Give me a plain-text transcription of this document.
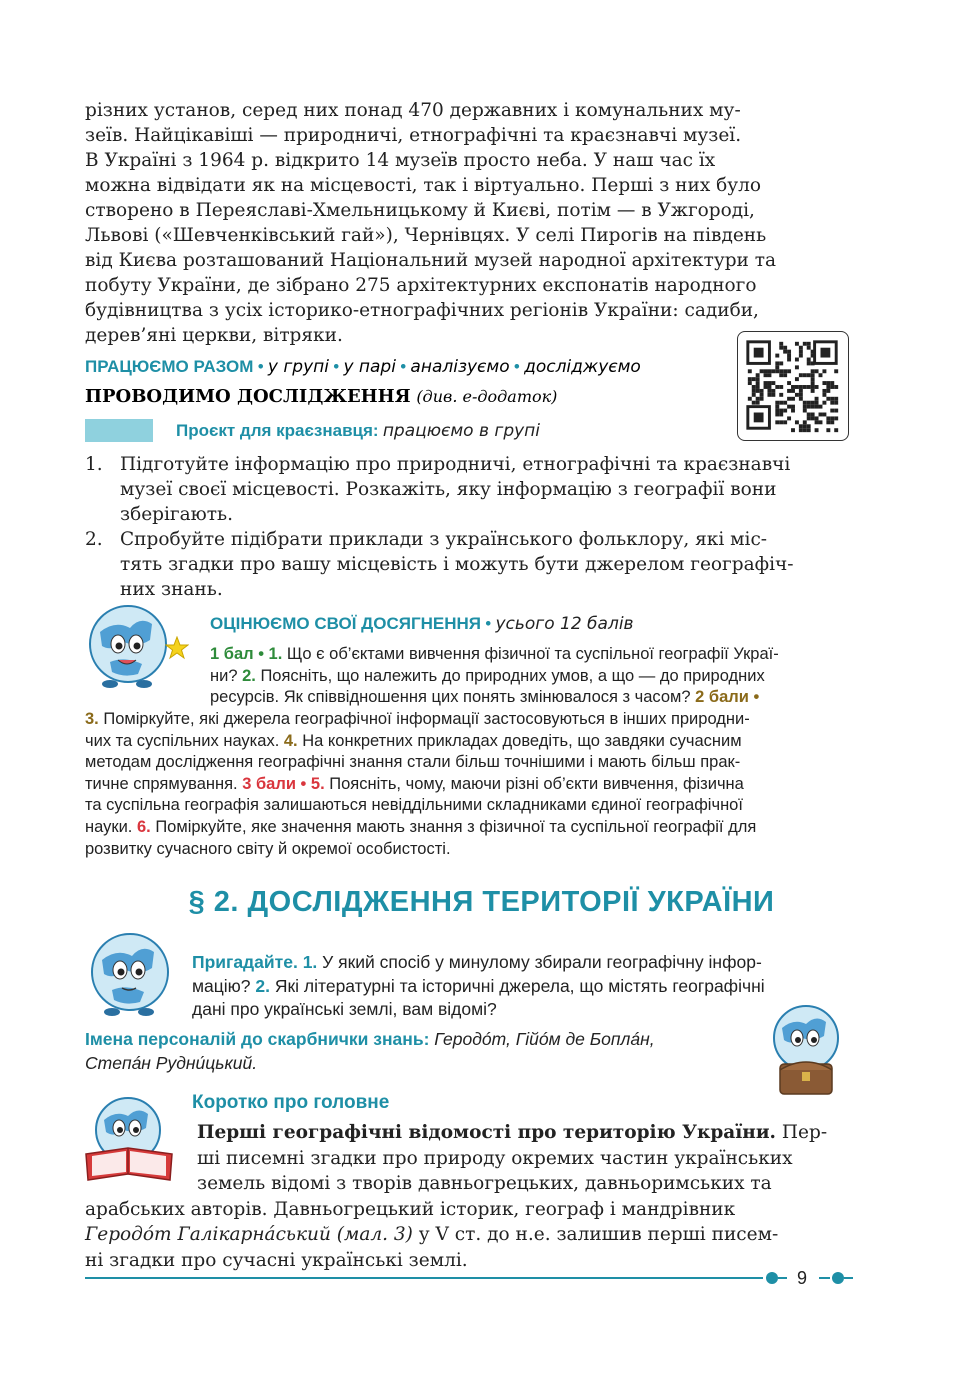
різних установ, серед них понад 470 державних і комунальних му-
зеїв. Найцікавіші — природничі, етнографічні та краєзнавчі музеї.
В Україні з 1964 р. відкрито 14 музеїв просто неба. У наш час їх
можна відвідати як на місцевості, так і віртуально. Перші з них було
створено в Переяславі-Хмельницькому й Києві, потім — в Ужгороді,
Львові («Шевченківський гай»), Чернівцях. У селі Пирогів на південь
від Києва розташований Національний музей народної архітектури та
побуту України, де зібрано 275 архітектурних експонатів народного
будівництва з усіх історико-етнографічних регіонів України: садиби,
дерев’яні церкви, вітряки.
ПРАЦЮЄМО РАЗОМ • у групі • у парі • аналізуємо • досліджуємо
ПРОВОДИМО ДОСЛІДЖЕННЯ (див. е-додаток)
Проєкт для краєзнавця: працюємо в групі
1. Підготуйте інформацію про природничі, етнографічні та краєзнавчі
музеї своєї місцевості. Розкажіть, яку інформацію з географії вони
зберігають.
2. Спробуйте підібрати приклади з українського фольклору, які міс-
тять згадки про вашу місцевість і можуть бути джерелом географіч-
них знань.
ОЦІНЮЄМО СВОЇ ДОСЯГНЕННЯ • усього 12 балів
1 бал • 1. Що є об’єктами вивчення фізичної та суспільної географії Украї-
ни? 2. Поясніть, що належить до природних умов, а що — до природних
ресурсів. Як співвідношення цих понять змінювалося з часом? 2 бали •
3. Поміркуйте, які джерела географічної інформації застосовуються в інших природни-
чих та суспільних науках. 4. На конкретних прикладах доведіть, що завдяки сучасним
методам дослідження географічні знання стали більш точнішими і мають більш прак-
тичне спрямування. 3 бали • 5. Поясніть, чому, маючи різні об’єкти вивчення, фізична
та суспільна географія залишаються невіддільними складниками єдиної географічної
науки. 6. Поміркуйте, яке значення мають знання з фізичної та суспільної географії для
розвитку сучасного світу й окремої особистості.
§ 2. ДОСЛІДЖЕННЯ ТЕРИТОРІЇ УКРАЇНИ
Пригадайте. 1. У який спосіб у минулому збирали географічну інфор-
мацію? 2. Які літературні та історичні джерела, що містять географічні
дані про українські землі, вам відомі?
Імена персоналій до скарбнички знань: Геродóт, Гійóм де Боплáн,
Степáн Рудни́цький.
Коротко про головне
Перші географічні відомості про територію України. Пер-
ші писемні згадки про природу окремих частин українських
земель відомі з творів давньогрецьких, давньоримських та
арабських авторів. Давньогрецький історик, географ і мандрівник
Геродóт Галікарнáський (мал. 3) у V ст. до н.е. залишив перші писем-
ні згадки про сучасні українські землі.
9
